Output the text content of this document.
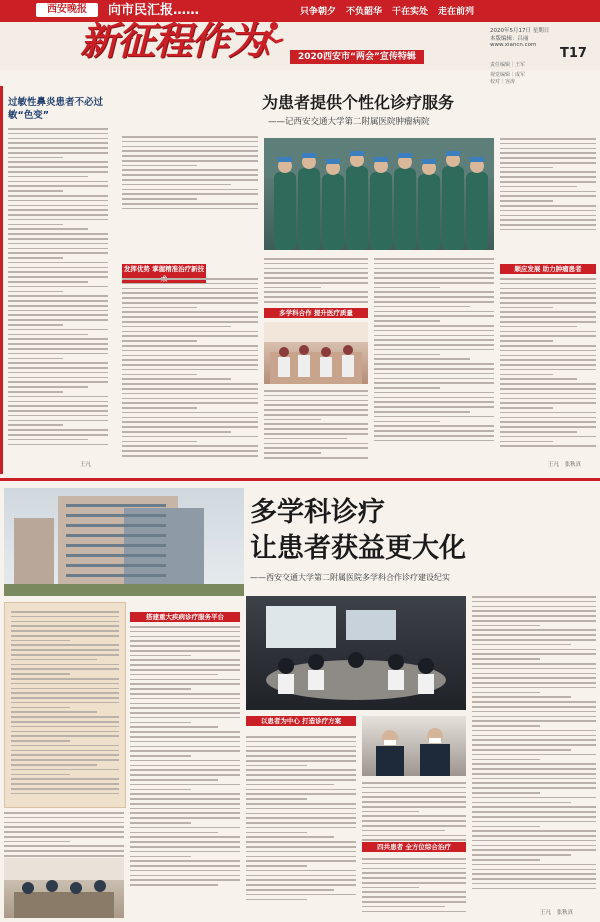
西安晚报	向市民汇报……	只争朝夕 不负韶华 干在实处 走在前列
新征程作为	2020西安市“两会”宣传特辑
2020年5月17日 星期日
本版编辑：吕丽
www.xiancn.com
T17
责任编辑｜王军
视觉编辑｜成军
校对｜容涛
过敏性鼻炎患者不必过敏“色变”
王凡
为患者提供个性化诊疗服务
——记西安交通大学第二附属医院肿瘤病院
发挥优势 掌握精准治疗新技
多学科合作 提升医疗质量
顺应发展 助力肿瘤患者
王凡　张秋真
多学科诊疗
让患者获益更大化
——西安交通大学第二附属医院多学科合作诊疗建设纪实
搭建重大疾病诊疗服务平台
以患者为中心 打造诊疗方案
四共患者 全方位综合治疗
王凡　张秋真
